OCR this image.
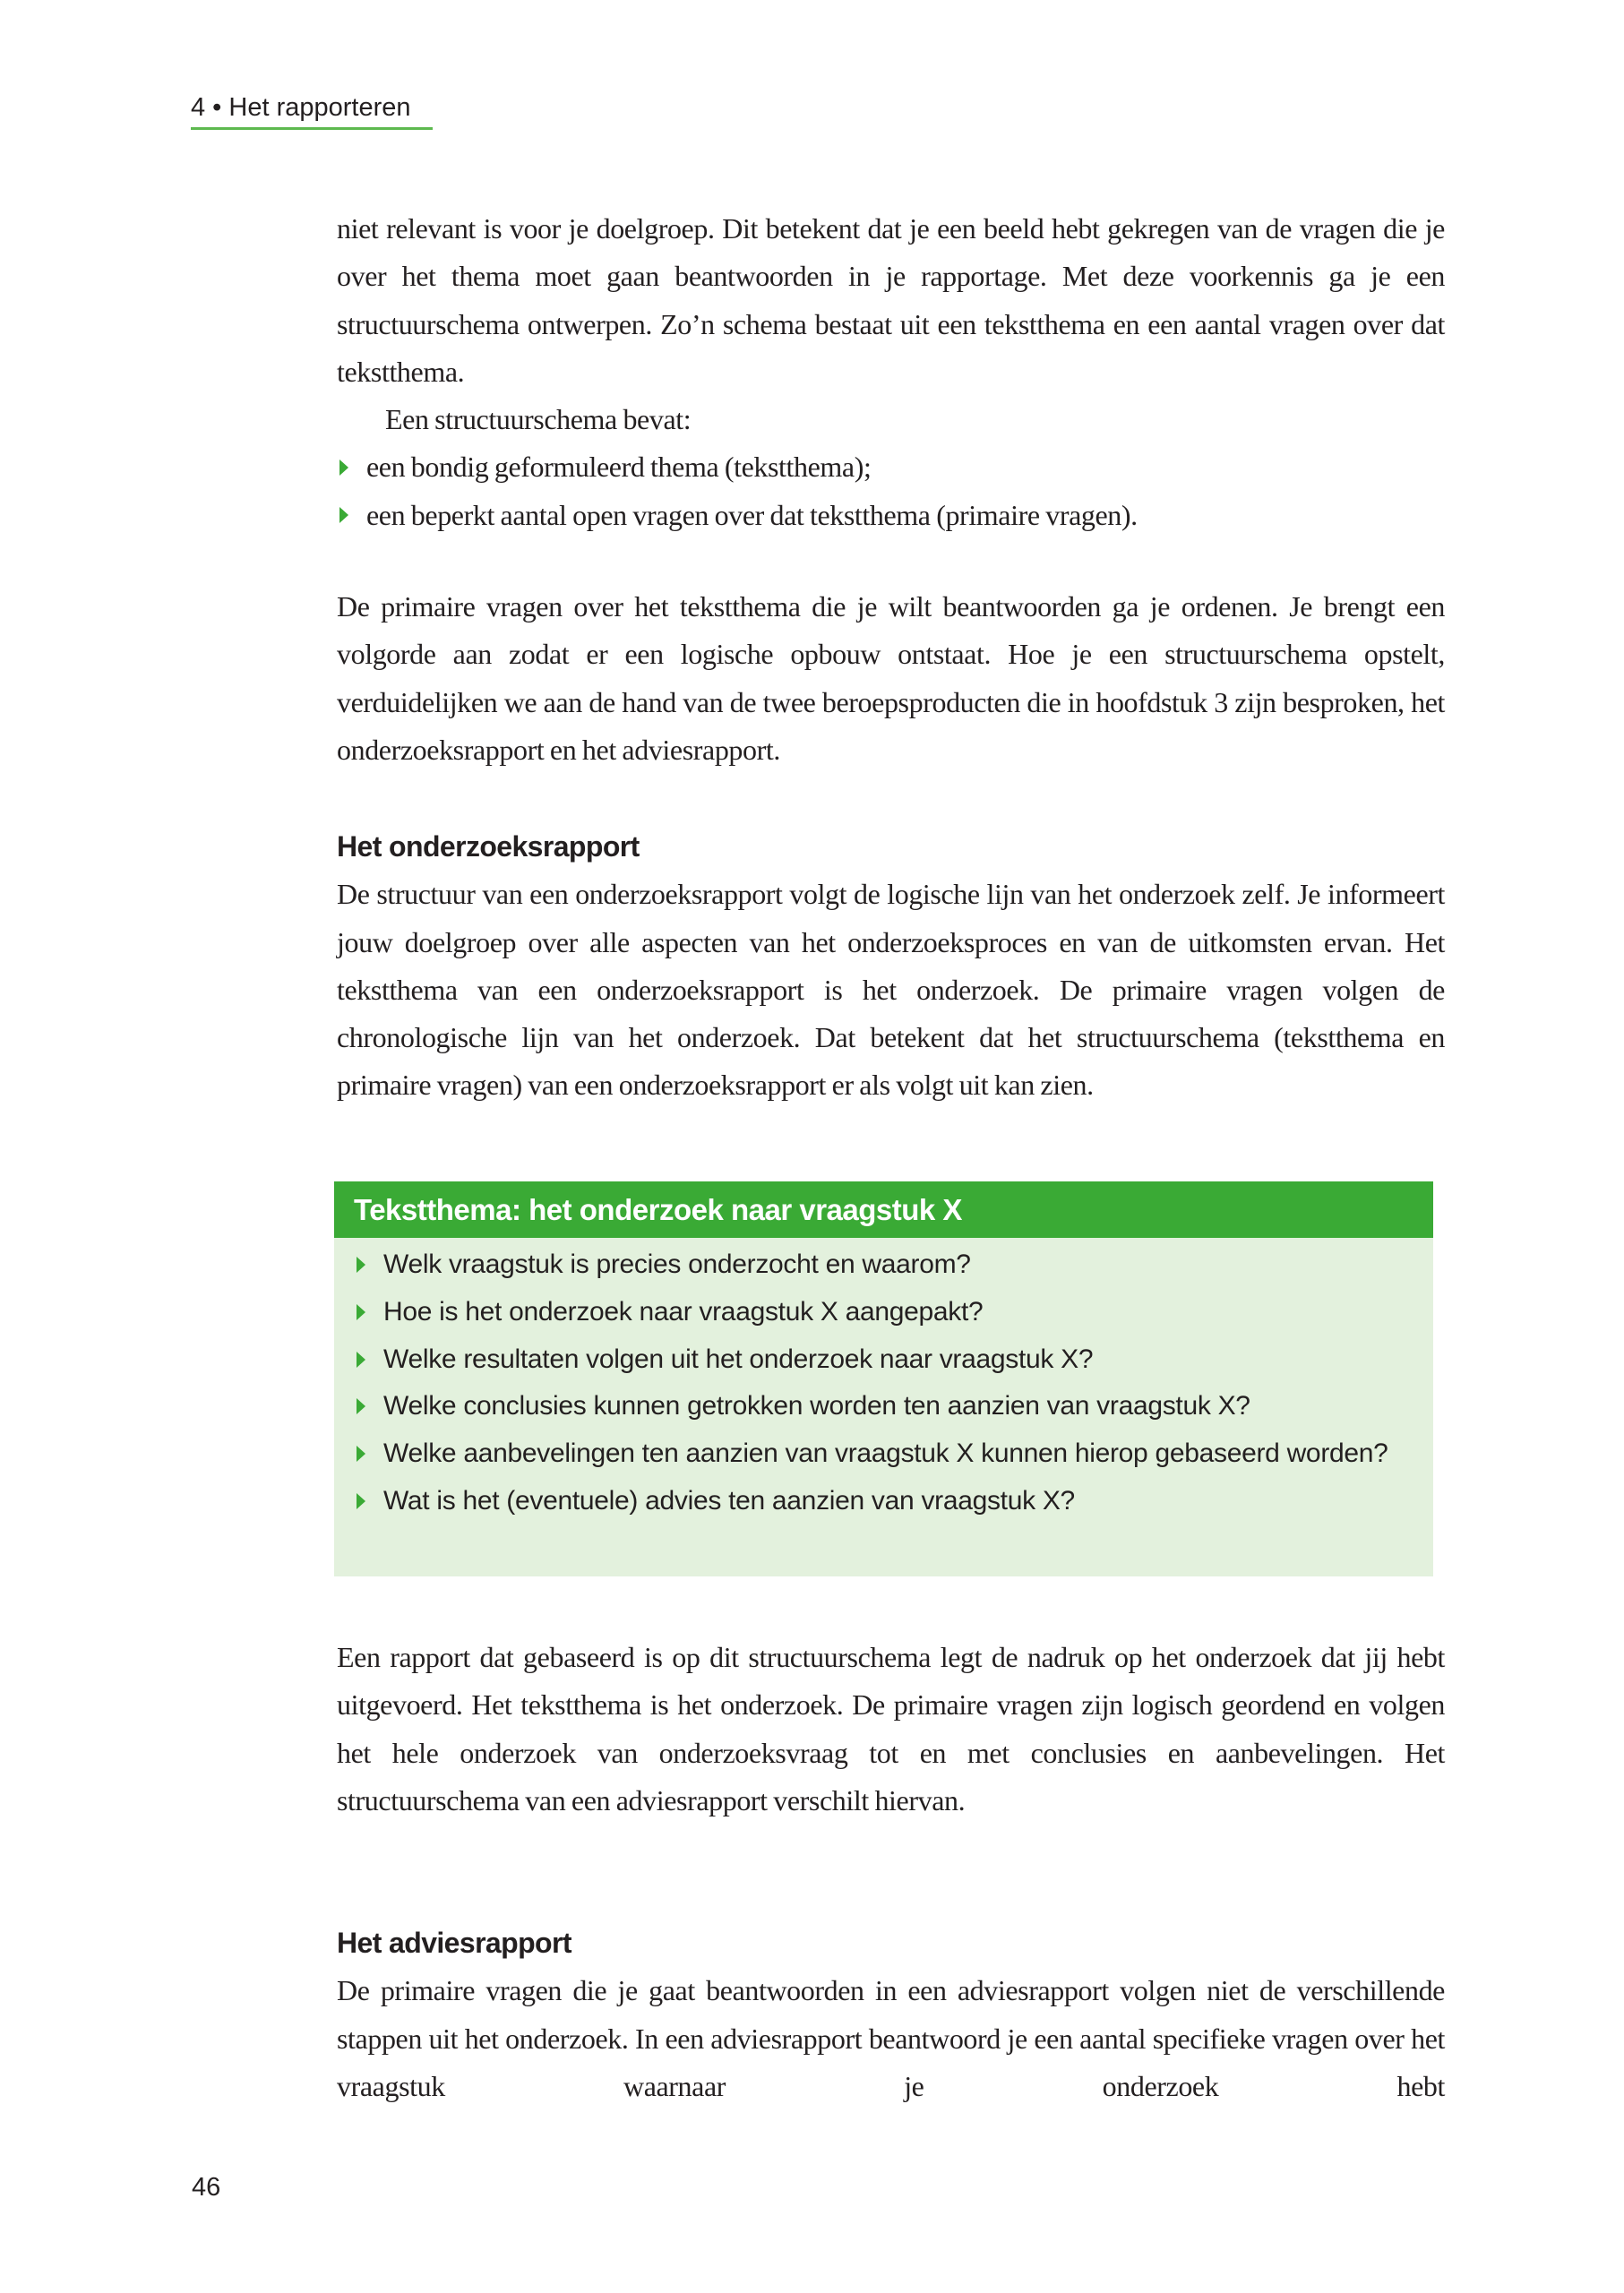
4 • Het rapporteren

niet relevant is voor je doelgroep. Dit betekent dat je een beeld hebt gekregen van de vragen die je over het thema moet gaan beantwoorden in je rapportage. Met deze voorkennis ga je een structuurschema ontwerpen. Zo’n schema bestaat uit een tekstthema en een aantal vragen over dat tekstthema.

Een structuurschema bevat:

een bondig geformuleerd thema (tekstthema);
een beperkt aantal open vragen over dat tekstthema (primaire vragen).

De primaire vragen over het tekstthema die je wilt beantwoorden ga je ordenen. Je brengt een volgorde aan zodat er een logische opbouw ontstaat. Hoe je een structuurschema opstelt, verduidelijken we aan de hand van de twee beroepsproducten die in hoofdstuk 3 zijn besproken, het onderzoeksrapport en het adviesrapport.

Het onderzoeksrapport

De structuur van een onderzoeksrapport volgt de logische lijn van het onderzoek zelf. Je informeert jouw doelgroep over alle aspecten van het onderzoeksproces en van de uitkomsten ervan. Het tekstthema van een onderzoeksrapport is het onderzoek. De primaire vragen volgen de chronologische lijn van het onderzoek. Dat betekent dat het structuurschema (tekstthema en primaire vragen) van een onderzoeksrapport er als volgt uit kan zien.

Tekstthema: het onderzoek naar vraagstuk X
Welk vraagstuk is precies onderzocht en waarom?
Hoe is het onderzoek naar vraagstuk X aangepakt?
Welke resultaten volgen uit het onderzoek naar vraagstuk X?
Welke conclusies kunnen getrokken worden ten aanzien van vraagstuk X?
Welke aanbevelingen ten aanzien van vraagstuk X kunnen hierop gebaseerd worden?
Wat is het (eventuele) advies ten aanzien van vraagstuk X?

Een rapport dat gebaseerd is op dit structuurschema legt de nadruk op het onderzoek dat jij hebt uitgevoerd. Het tekstthema is het onderzoek. De primaire vragen zijn logisch geordend en volgen het hele onderzoek van onderzoeksvraag tot en met conclusies en aanbevelingen. Het structuurschema van een adviesrapport verschilt hiervan.

Het adviesrapport

De primaire vragen die je gaat beantwoorden in een adviesrapport volgen niet de verschillende stappen uit het onderzoek. In een adviesrapport beantwoord je een aantal specifieke vragen over het vraagstuk waarnaar je onderzoek hebt

46
